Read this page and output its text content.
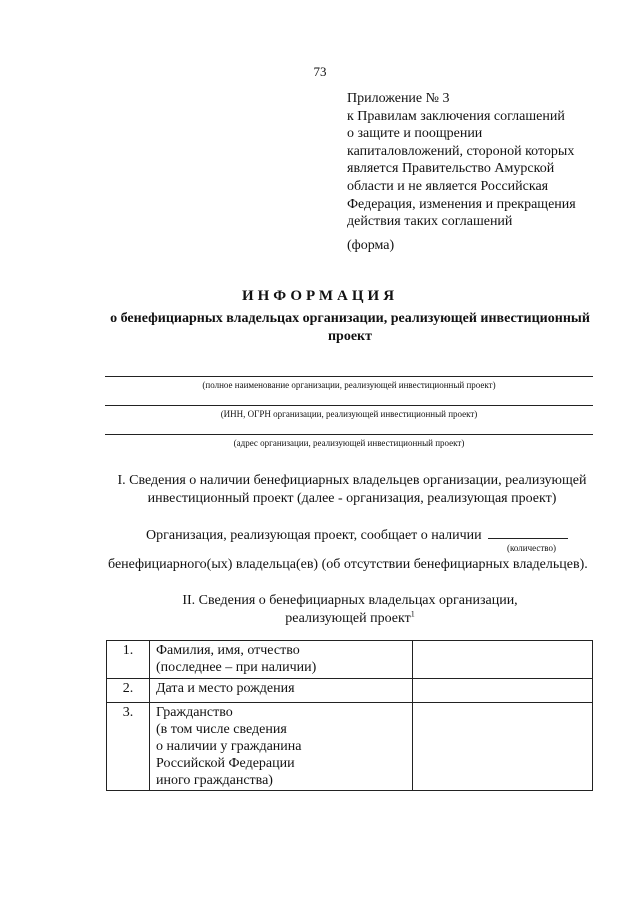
73
Приложение № 3
к Правилам заключения соглашений
о защите и поощрении
капиталовложений, стороной которых
является Правительство Амурской
области и не является Российская
Федерация, изменения и прекращения
действия таких соглашений
(форма)
ИНФОРМАЦИЯ
о бенефициарных владельцах организации, реализующей инвестиционный проект
(полное наименование организации, реализующей инвестиционный проект)
(ИНН, ОГРН организации, реализующей инвестиционный проект)
(адрес организации, реализующей инвестиционный проект)
I. Сведения о наличии бенефициарных владельцев организации, реализующей инвестиционный проект (далее - организация, реализующая проект)
Организация, реализующая проект, сообщает о наличии
(количество)
бенефициарного(ых) владельца(ев) (об отсутствии бенефициарных владельцев).
II. Сведения о бенефициарных владельцах организации,
реализующей проект$^1$
1.	Фамилия, имя, отчество
(последнее – при наличии)	

2.	Дата и место рождения	

3.	Гражданство
(в том числе сведения
о наличии у гражданина
Российской Федерации
иного гражданства)	
